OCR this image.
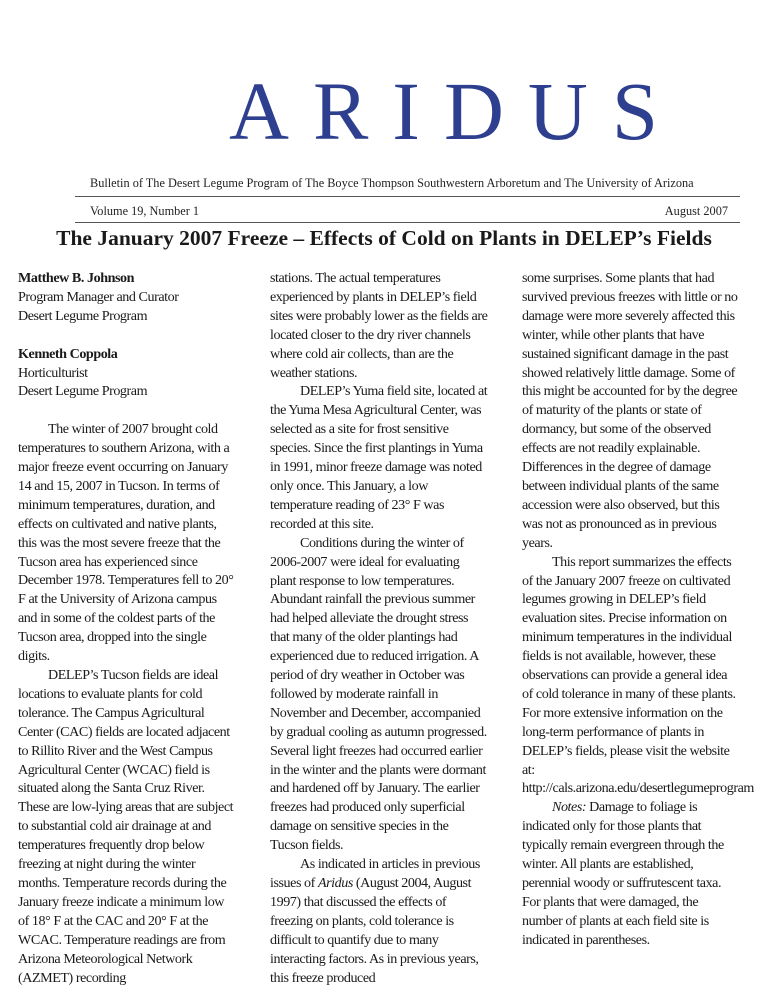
ARIDUS
Bulletin of The Desert Legume Program of The Boyce Thompson Southwestern Arboretum and The University of Arizona
Volume 19, Number 1	August 2007
The January 2007 Freeze – Effects of Cold on Plants in DELEP’s Fields
Matthew B. Johnson
Program Manager and Curator
Desert Legume Program
Kenneth Coppola
Horticulturist
Desert Legume Program

The winter of 2007 brought cold temperatures to southern Arizona, with a major freeze event occurring on January 14 and 15, 2007 in Tucson. In terms of minimum temperatures, duration, and effects on cultivated and native plants, this was the most severe freeze that the Tucson area has experienced since December 1978. Temperatures fell to 20° F at the University of Arizona campus and in some of the coldest parts of the Tucson area, dropped into the single digits.

DELEP’s Tucson fields are ideal locations to evaluate plants for cold tolerance. The Campus Agricultural Center (CAC) fields are located adjacent to Rillito River and the West Campus Agricultural Center (WCAC) field is situated along the Santa Cruz River. These are low-lying areas that are subject to substantial cold air drainage at and temperatures frequently drop below freezing at night during the winter months. Temperature records during the January freeze indicate a minimum low of 18° F at the CAC and 20° F at the WCAC. Temperature readings are from Arizona Meteorological Network (AZMET) recording

stations. The actual temperatures experienced by plants in DELEP’s field sites were probably lower as the fields are located closer to the dry river channels where cold air collects, than are the weather stations.

DELEP’s Yuma field site, located at the Yuma Mesa Agricultural Center, was selected as a site for frost sensitive species. Since the first plantings in Yuma in 1991, minor freeze damage was noted only once. This January, a low temperature reading of 23° F was recorded at this site.

Conditions during the winter of 2006-2007 were ideal for evaluating plant response to low temperatures. Abundant rainfall the previous summer had helped alleviate the drought stress that many of the older plantings had experienced due to reduced irrigation. A period of dry weather in October was followed by moderate rainfall in November and December, accompanied by gradual cooling as autumn progressed. Several light freezes had occurred earlier in the winter and the plants were dormant and hardened off by January. The earlier freezes had produced only superficial damage on sensitive species in the Tucson fields.

As indicated in articles in previous issues of Aridus (August 2004, August 1997) that discussed the effects of freezing on plants, cold tolerance is difficult to quantify due to many interacting factors. As in previous years, this freeze produced

some surprises. Some plants that had survived previous freezes with little or no damage were more severely affected this winter, while other plants that have sustained significant damage in the past showed relatively little damage. Some of this might be accounted for by the degree of maturity of the plants or state of dormancy, but some of the observed effects are not readily explainable. Differences in the degree of damage between individual plants of the same accession were also observed, but this was not as pronounced as in previous years.

This report summarizes the effects of the January 2007 freeze on cultivated legumes growing in DELEP’s field evaluation sites. Precise information on minimum temperatures in the individual fields is not available, however, these observations can provide a general idea of cold tolerance in many of these plants. For more extensive information on the long-term performance of plants in DELEP’s fields, please visit the website at: http://cals.arizona.edu/desertlegumeprogram

Notes: Damage to foliage is indicated only for those plants that typically remain evergreen through the winter. All plants are established, perennial woody or suffrutescent taxa. For plants that were damaged, the number of plants at each field site is indicated in parentheses.
